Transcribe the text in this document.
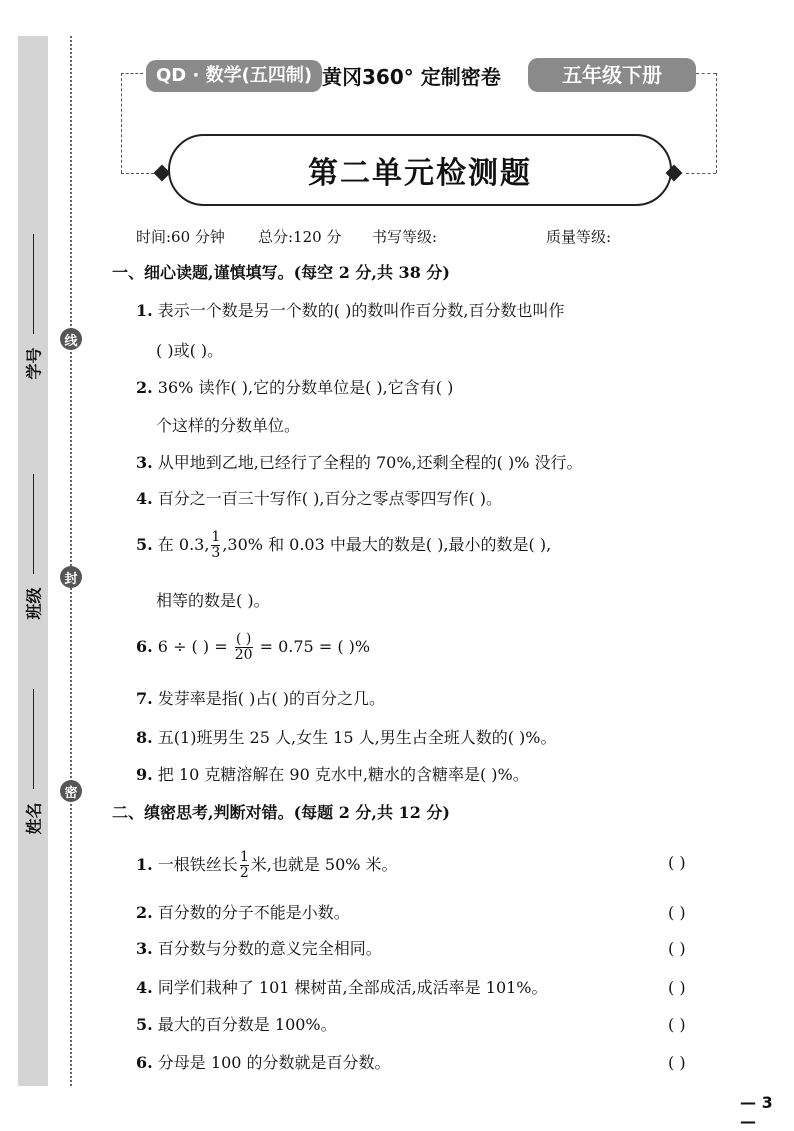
学号
班级
姓名
线
封
密
QD · 数学(五四制) 黄冈360° 定制密卷	五年级下册
第二单元检测题
时间:60 分钟 总分:120 分 书写等级:	质量等级:
一、细心读题,谨慎填写。(每空 2 分,共 38 分)
1. 表示一个数是另一个数的( )的数叫作百分数,百分数也叫作
( )或( )。
2. 36% 读作( ),它的分数单位是( ),它含有( )
个这样的分数单位。
3. 从甲地到乙地,已经行了全程的 70%,还剩全程的( )% 没行。
4. 百分之一百三十写作( ),百分之零点零四写作( )。
5. 在 0.3, $\frac{1}{3} ,30\%$ 和 0.03 中最大的数是( ),最小的数是( ),
相等的数是( )。
6. 6 ÷ ( ) = $\frac{( )}{20} = 0.75$ = ( )%
7. 发芽率是指( )占( )的百分之几。
8. 五(1)班男生 25 人,女生 15 人,男生占全班人数的( )%。
9. 把 10 克糖溶解在 90 克水中,糖水的含糖率是( )%。
二、缜密思考,判断对错。(每题 2 分,共 12 分)
1. 一根铁丝长 $\frac{1}{2}$ 米,也就是 50% 米。	( )
2. 百分数的分子不能是小数。	( )
3. 百分数与分数的意义完全相同。	( )
4. 同学们栽种了 101 棵树苗,全部成活,成活率是 101%。	( )
5. 最大的百分数是 100%。	( )
6. 分母是 100 的分数就是百分数。	( )
— 3 —
